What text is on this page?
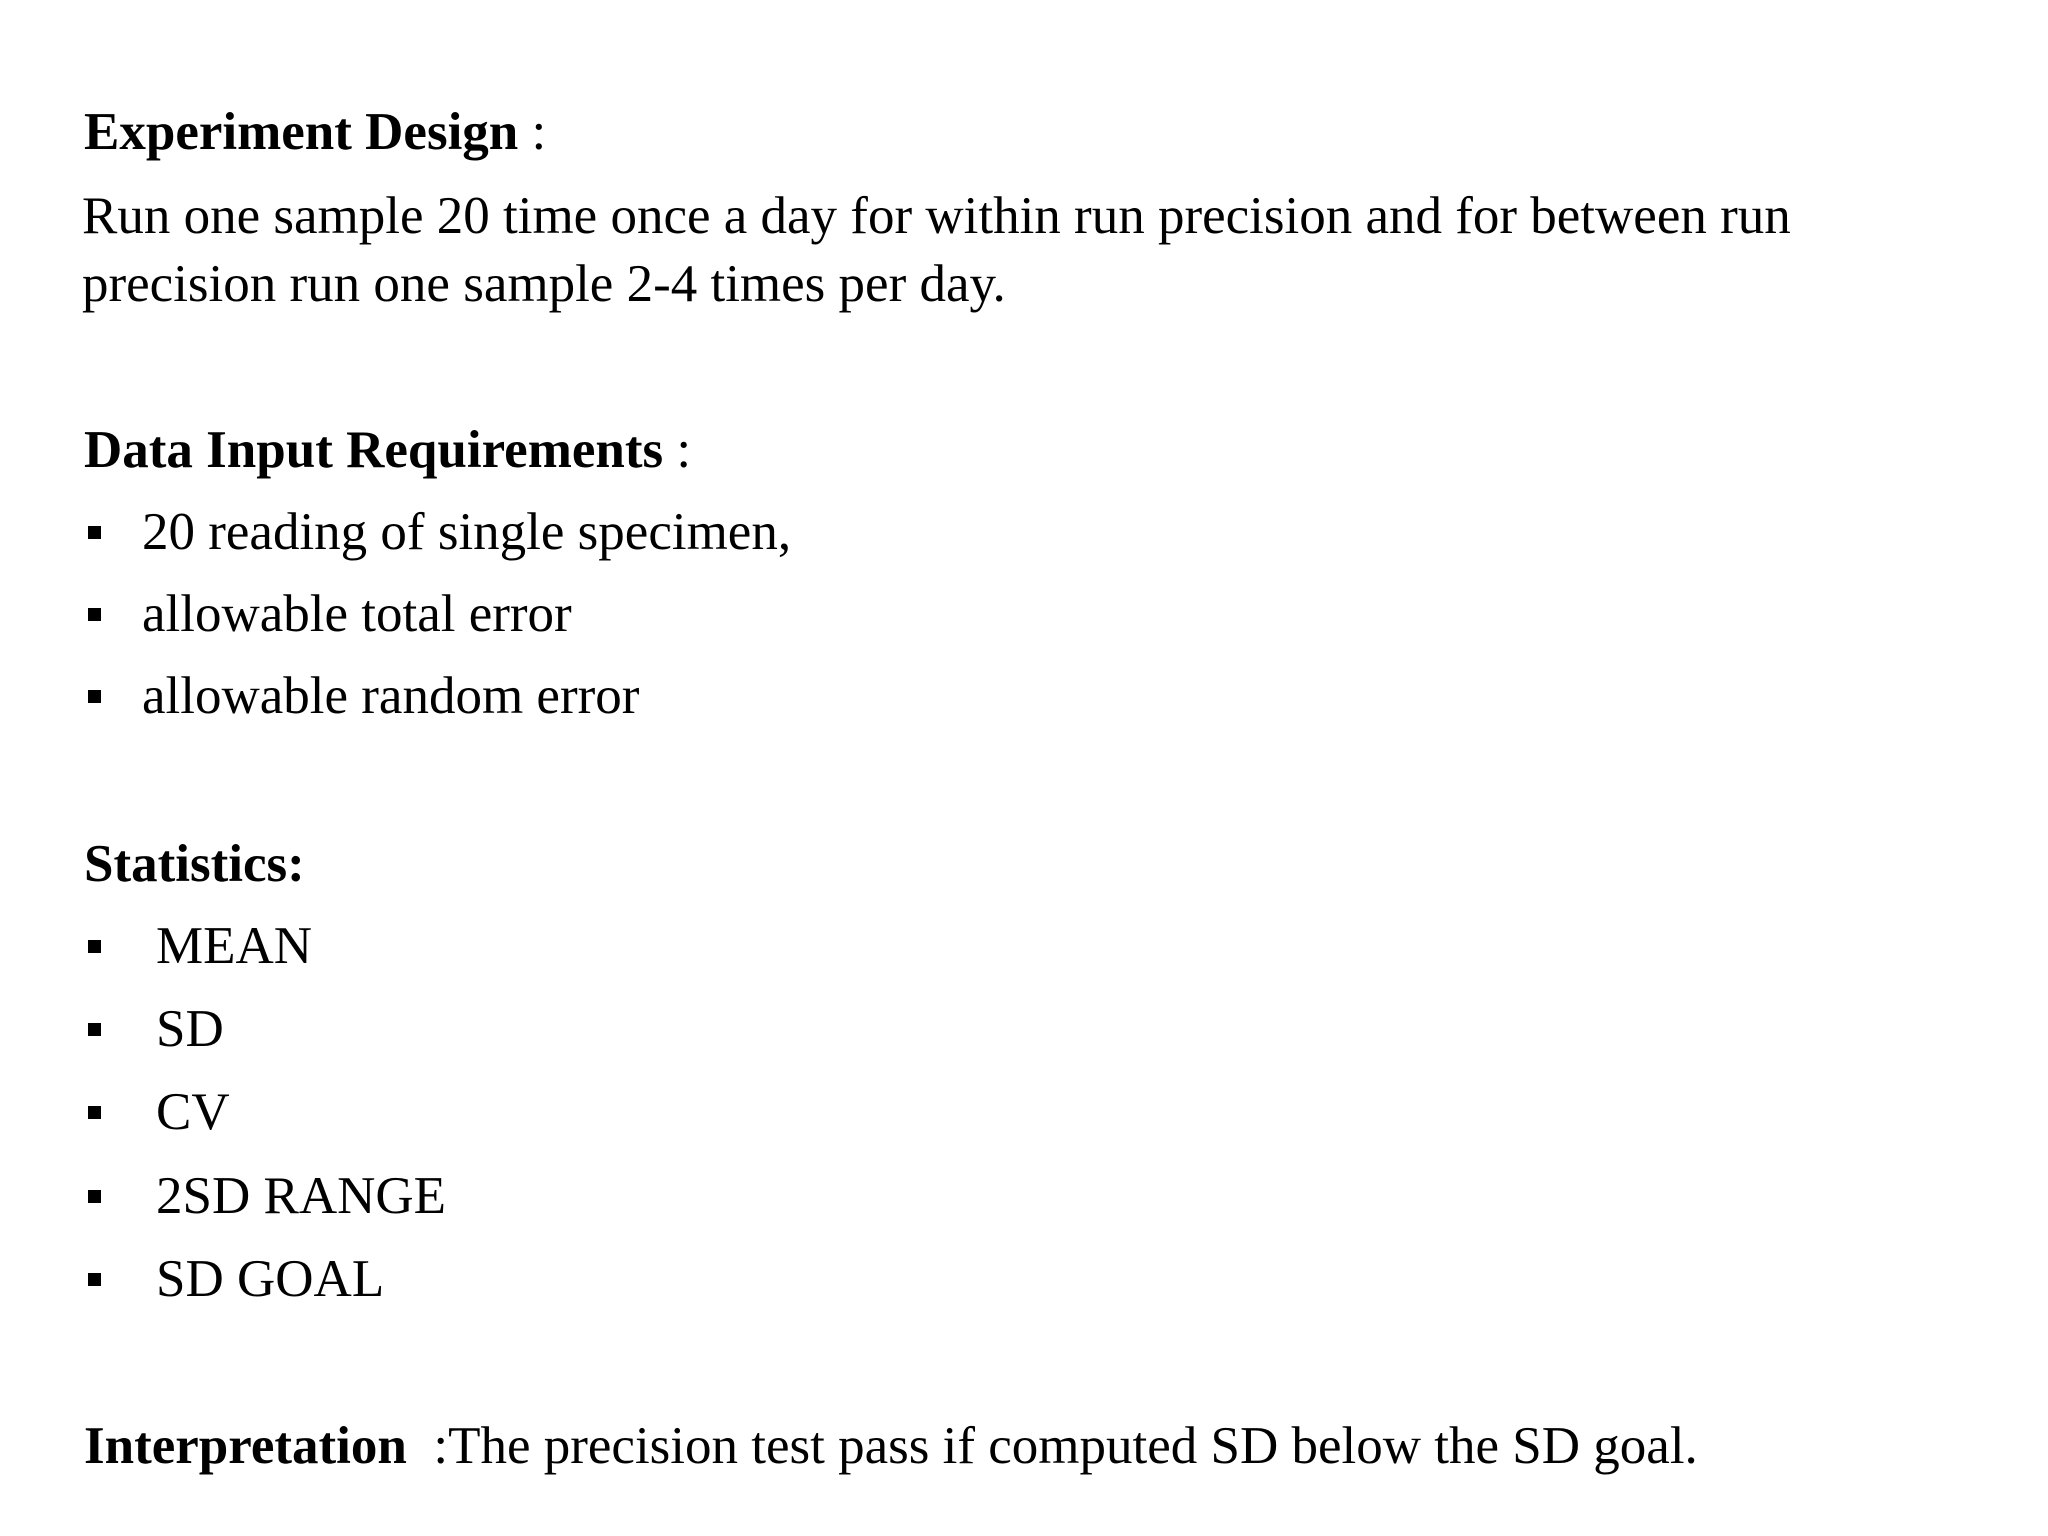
Experiment Design :
Run one sample 20 time once a day for within run precision and for between run
precision run one sample 2-4 times per day.
Data Input Requirements :
20 reading of single specimen,
allowable total error
allowable random error
Statistics:
MEAN
SD
CV
2SD RANGE
SD GOAL
Interpretation  :The precision test pass if computed SD below the SD goal.
